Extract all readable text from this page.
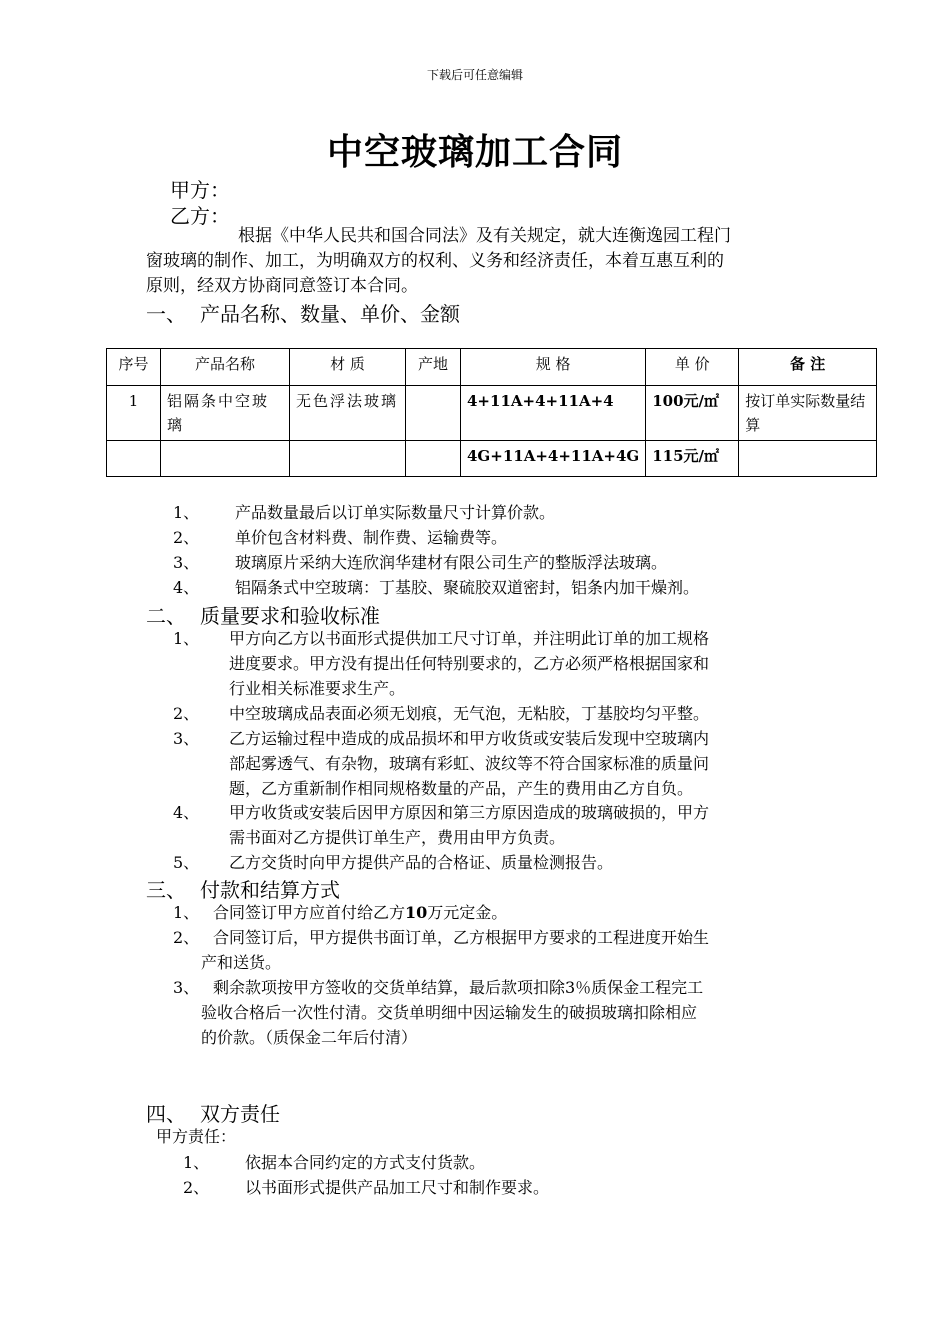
下载后可任意编辑
中空玻璃加工合同
甲方：
乙方：
根据《中华人民共和国合同法》及有关规定，就大连衡逸园工程门
窗玻璃的制作、加工，为明确双方的权利、义务和经济责任，本着互惠互利的
原则，经双方协商同意签订本合同。
一、 产品名称、数量、单价、金额
序号	产品名称	材 质	产地	规 格	单 价	备 注
1	铝隔条中空玻璃	无色浮法玻璃		4+11A+4+11A+4	100元/㎡	按订单实际数量结算
				4G+11A+4+11A+4G	115元/㎡	
1、 产品数量最后以订单实际数量尺寸计算价款。
2、 单价包含材料费、制作费、运输费等。
3、 玻璃原片采纳大连欣润华建材有限公司生产的整版浮法玻璃。
4、 铝隔条式中空玻璃：丁基胶、聚硫胶双道密封，铝条内加干燥剂。
二、 质量要求和验收标准
1、 甲方向乙方以书面形式提供加工尺寸订单，并注明此订单的加工规格
进度要求。甲方没有提出任何特别要求的，乙方必须严格根据国家和
行业相关标准要求生产。
2、 中空玻璃成品表面必须无划痕，无气泡，无粘胶，丁基胶均匀平整。
3、 乙方运输过程中造成的成品损坏和甲方收货或安装后发现中空玻璃内
部起雾透气、有杂物，玻璃有彩虹、波纹等不符合国家标准的质量问
题，乙方重新制作相同规格数量的产品，产生的费用由乙方自负。
4、 甲方收货或安装后因甲方原因和第三方原因造成的玻璃破损的，甲方
需书面对乙方提供订单生产，费用由甲方负责。
5、 乙方交货时向甲方提供产品的合格证、质量检测报告。
三、 付款和结算方式
1、 合同签订甲方应首付给乙方10万元定金。
2、 合同签订后，甲方提供书面订单，乙方根据甲方要求的工程进度开始生
产和送货。
3、 剩余款项按甲方签收的交货单结算，最后款项扣除3％质保金工程完工
验收合格后一次性付清。交货单明细中因运输发生的破损玻璃扣除相应
的价款。（质保金二年后付清）
四、 双方责任
甲方责任：
1、 依据本合同约定的方式支付货款。
2、 以书面形式提供产品加工尺寸和制作要求。
